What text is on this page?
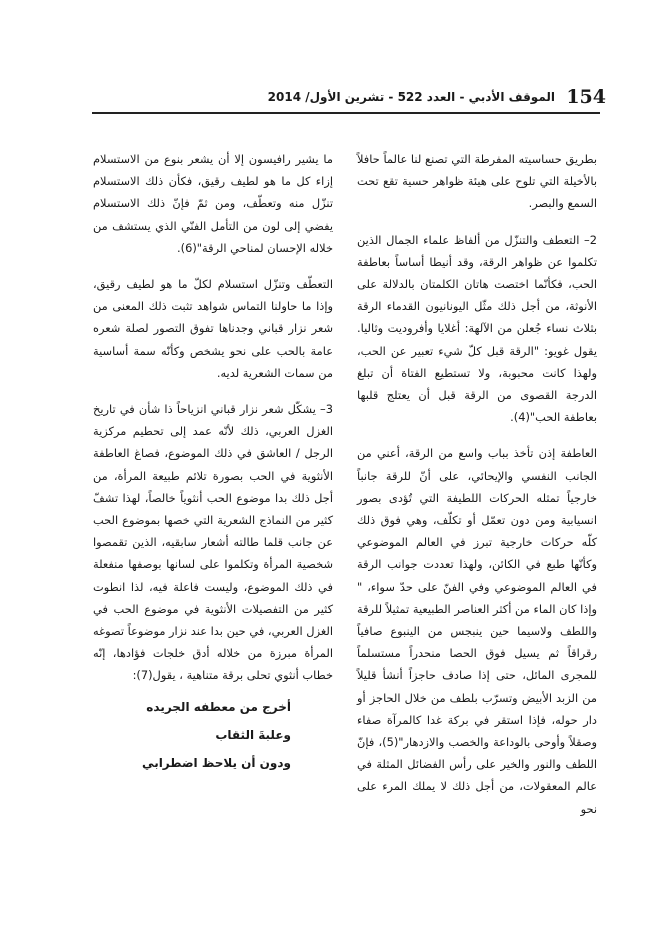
154
الموقف الأدبي - العدد 522 - تشرين الأول/ 2014

بطريق حساسيته المفرطة التي تصنع لنا عالماً حافلاً بالأخيلة التي تلوح على هيئة ظواهر حسية تقع تحت السمع والبصر.

2– التعطف والتنزّل من ألفاظ علماء الجمال الذين تكلموا عن ظواهر الرقة، وقد أنيطا أساساً بعاطفة الحب، فكأنّما اختصت هاتان الكلمتان بالدلالة على الأنوثة، من أجل ذلك مثّل اليونانيون القدماء الرقة بثلاث نساء جُعلن من الآلهة: أغلايا وأفروديت وثاليا. يقول غويو: "الرقة قبل كلّ شيء تعبير عن الحب، ولهذا كانت محبوبة، ولا تستطيع الفتاة أن تبلغ الدرجة القصوى من الرقة قبل أن يعتلج قلبها بعاطفة الحب"(4).

العاطفة إذن تأخذ بباب واسع من الرقة، أعني من الجانب النفسي والإيحائي، على أنّ للرقة جانباً خارجياً تمثله الحركات اللطيفة التي تُؤدى بصور انسيابية ومن دون تعمّل أو تكلّف، وهي فوق ذلك كلّه حركات خارجية تبرز في العالم الموضوعي وكأنّها طبع في الكائن، ولهذا تعددت جوانب الرقة في العالم الموضوعي وفي الفنّ على حدّ سواء، " وإذا كان الماء من أكثر العناصر الطبيعية تمثيلاً للرقة واللطف ولاسيما حين ينبجس من الينبوع صافياً رقراقاً ثم يسيل فوق الحصا منحدراً مستسلماً للمجرى المائل، حتى إذا صادف حاجزاً أنشأ قليلاً من الزبد الأبيض وتسرّب بلطف من خلال الحاجز أو دار حوله، فإذا استقر في بركة غدا كالمرآة صفاء وصقلاً وأوحى بالوداعة والخصب والازدهار"(5)، فإنّ اللطف والنور والخير على رأس الفضائل المثلة في عالم المعقولات، من أجل ذلك لا يملك المرء على نحو

ما يشير رافيسون إلا أن يشعر بنوع من الاستسلام إزاء كل ما هو لطيف رقيق، فكأن ذلك الاستسلام تنزّل منه وتعطّف، ومن ثمّ فإنّ ذلك الاستسلام يفضي إلى لون من التأمل الفنّي الذي يستشف من خلاله الإحسان لمناحي الرقة"(6).

التعطّف وتنزّل استسلام لكلّ ما هو لطيف رقيق، وإذا ما حاولنا التماس شواهد تثبت ذلك المعنى من شعر نزار قباني وجدناها تفوق التصور لصلة شعره عامة بالحب على نحو يشخص وكأنّه سمة أساسية من سمات الشعرية لديه.

3– يشكّل شعر نزار قباني انزياحاً ذا شأن في تاريخ الغزل العربي، ذلك لأنّه عمد إلى تحطيم مركزية الرجل / العاشق في ذلك الموضوع، فصاغ العاطفة الأنثوية في الحب بصورة تلائم طبيعة المرأة، من أجل ذلك بدا موضوع الحب أنثوياً خالصاً، لهذا تشفّ كثير من النماذج الشعرية التي خصها بموضوع الحب عن جانب قلما طالته أشعار سابقيه، الذين تقمصوا شخصية المرأة وتكلموا على لسانها بوصفها منفعلة في ذلك الموضوع، وليست فاعلة فيه، لذا انطوت كثير من التفصيلات الأنثوية في موضوع الحب في الغزل العربي، في حين بدا عند نزار موضوعاً تصوغه المرأة مبرزة من خلاله أدق خلجات فؤادها، إنّه خطاب أنثوي تحلى برقة متناهية ، يقول(7):

أخرج من معطفه الجريده
وعلبةَ الثقاب
ودون أن يلاحظ اضطرابي
